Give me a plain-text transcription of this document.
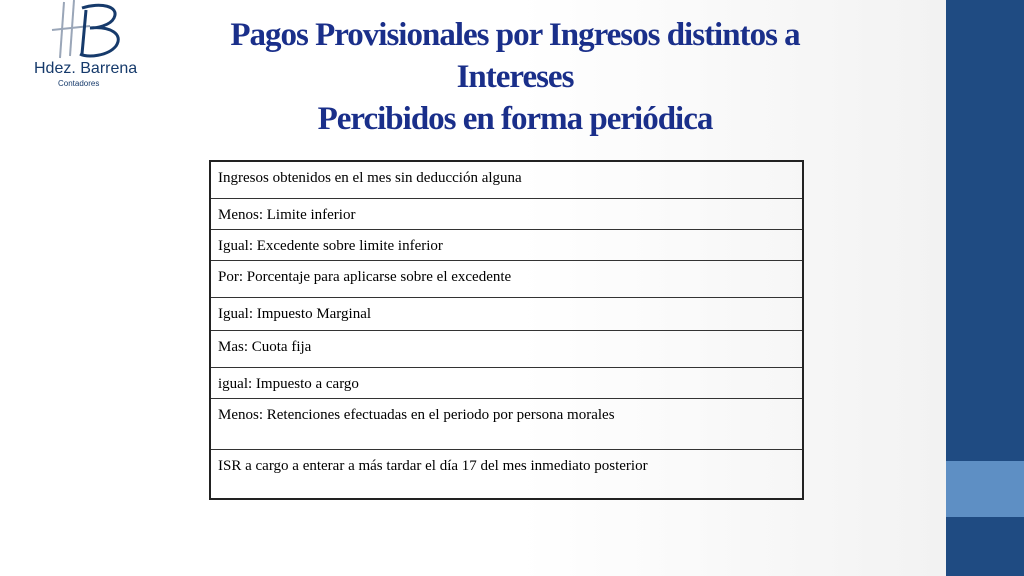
Hdez. Barrena
Contadores
Pagos Provisionales por Ingresos distintos a
Intereses
Percibidos en forma periódica
Ingresos obtenidos en el mes sin deducción alguna

Menos: Limite inferior

Igual: Excedente sobre limite inferior

Por: Porcentaje para aplicarse sobre el excedente

Igual: Impuesto Marginal

Mas: Cuota fija

igual: Impuesto a cargo

Menos: Retenciones efectuadas en el periodo por persona morales

ISR a cargo a enterar a más tardar el día 17 del mes inmediato posterior
